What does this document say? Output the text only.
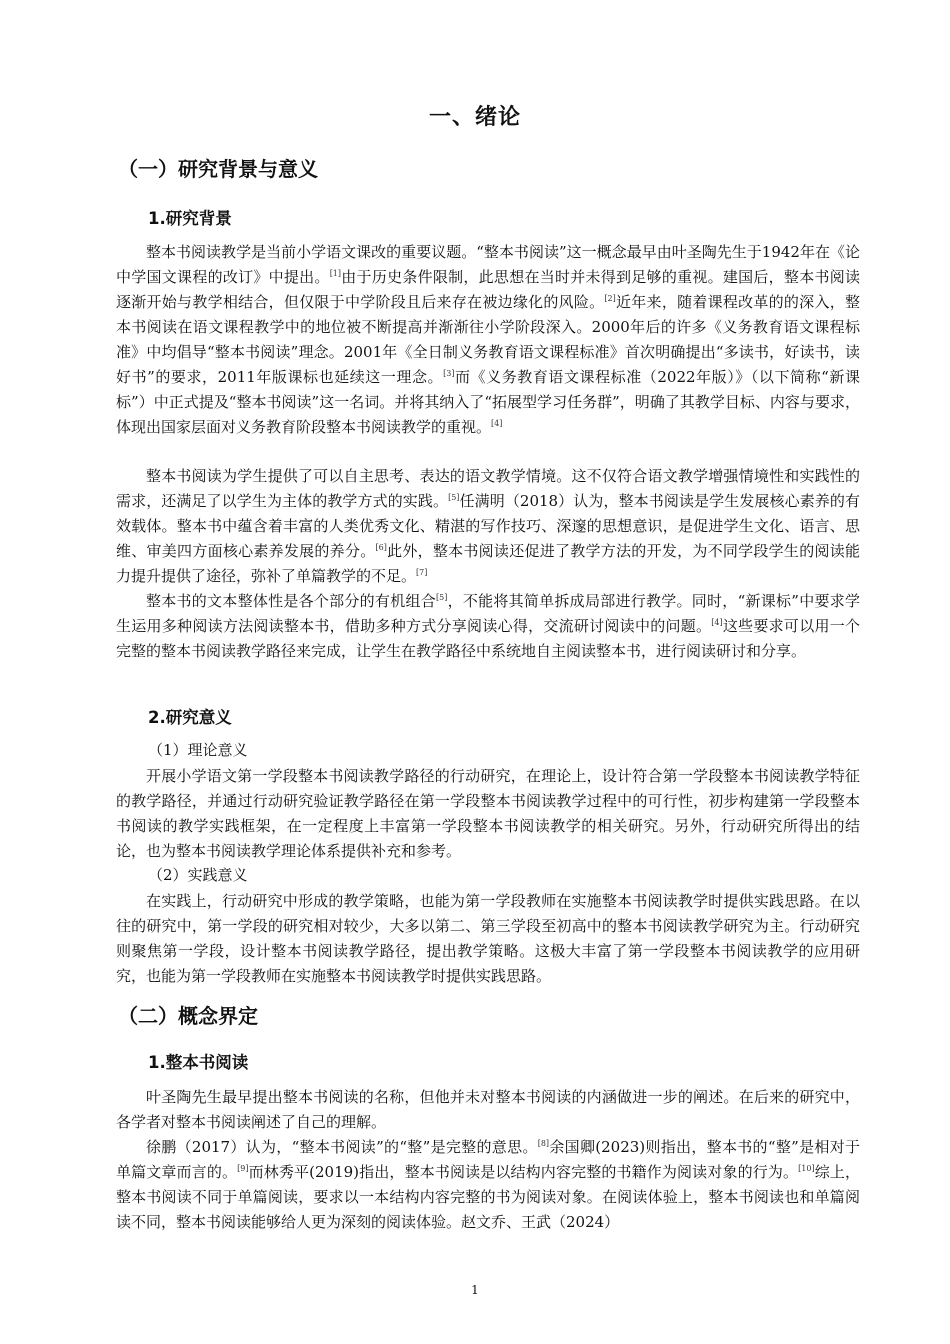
一、绪论
（一）研究背景与意义
1.研究背景

整本书阅读教学是当前小学语文课改的重要议题。“整本书阅读”这一概念最早由叶圣陶先生于1942年在《论中学国文课程的改订》中提出。[1]由于历史条件限制，此思想在当时并未得到足够的重视。建国后，整本书阅读逐渐开始与教学相结合，但仅限于中学阶段且后来存在被边缘化的风险。[2]近年来，随着课程改革的的深入，整本书阅读在语文课程教学中的地位被不断提高并渐渐往小学阶段深入。2000年后的许多《义务教育语文课程标准》中均倡导“整本书阅读”理念。2001年《全日制义务教育语文课程标准》首次明确提出“多读书，好读书，读好书”的要求，2011年版课标也延续这一理念。[3]而《义务教育语文课程标准（2022年版）》（以下简称“新课标”）中正式提及“整本书阅读”这一名词。并将其纳入了“拓展型学习任务群”，明确了其教学目标、内容与要求，体现出国家层面对义务教育阶段整本书阅读教学的重视。[4]

整本书阅读为学生提供了可以自主思考、表达的语文教学情境。这不仅符合语文教学增强情境性和实践性的需求，还满足了以学生为主体的教学方式的实践。[5]任满明（2018）认为，整本书阅读是学生发展核心素养的有效载体。整本书中蕴含着丰富的人类优秀文化、精湛的写作技巧、深邃的思想意识，是促进学生文化、语言、思维、审美四方面核心素养发展的养分。[6]此外，整本书阅读还促进了教学方法的开发，为不同学段学生的阅读能力提升提供了途径，弥补了单篇教学的不足。[7]

整本书的文本整体性是各个部分的有机组合[5]，不能将其简单拆成局部进行教学。同时，“新课标”中要求学生运用多种阅读方法阅读整本书，借助多种方式分享阅读心得，交流研讨阅读中的问题。[4]这些要求可以用一个完整的整本书阅读教学路径来完成，让学生在教学路径中系统地自主阅读整本书，进行阅读研讨和分享。

2.研究意义
（1）理论意义

开展小学语文第一学段整本书阅读教学路径的行动研究，在理论上，设计符合第一学段整本书阅读教学特征的教学路径，并通过行动研究验证教学路径在第一学段整本书阅读教学过程中的可行性，初步构建第一学段整本书阅读的教学实践框架，在一定程度上丰富第一学段整本书阅读教学的相关研究。另外，行动研究所得出的结论，也为整本书阅读教学理论体系提供补充和参考。

（2）实践意义

在实践上，行动研究中形成的教学策略，也能为第一学段教师在实施整本书阅读教学时提供实践思路。在以往的研究中，第一学段的研究相对较少，大多以第二、第三学段至初高中的整本书阅读教学研究为主。行动研究则聚焦第一学段，设计整本书阅读教学路径，提出教学策略。这极大丰富了第一学段整本书阅读教学的应用研究，也能为第一学段教师在实施整本书阅读教学时提供实践思路。

（二）概念界定
1.整本书阅读

叶圣陶先生最早提出整本书阅读的名称，但他并未对整本书阅读的内涵做进一步的阐述。在后来的研究中，各学者对整本书阅读阐述了自己的理解。

徐鹏（2017）认为，“整本书阅读”的“整”是完整的意思。[8]余国卿(2023)则指出，整本书的“整”是相对于单篇文章而言的。[9]而林秀平(2019)指出，整本书阅读是以结构内容完整的书籍作为阅读对象的行为。[10]综上，整本书阅读不同于单篇阅读，要求以一本结构内容完整的书为阅读对象。在阅读体验上，整本书阅读也和单篇阅读不同，整本书阅读能够给人更为深刻的阅读体验。赵文乔、王武（2024）

1
